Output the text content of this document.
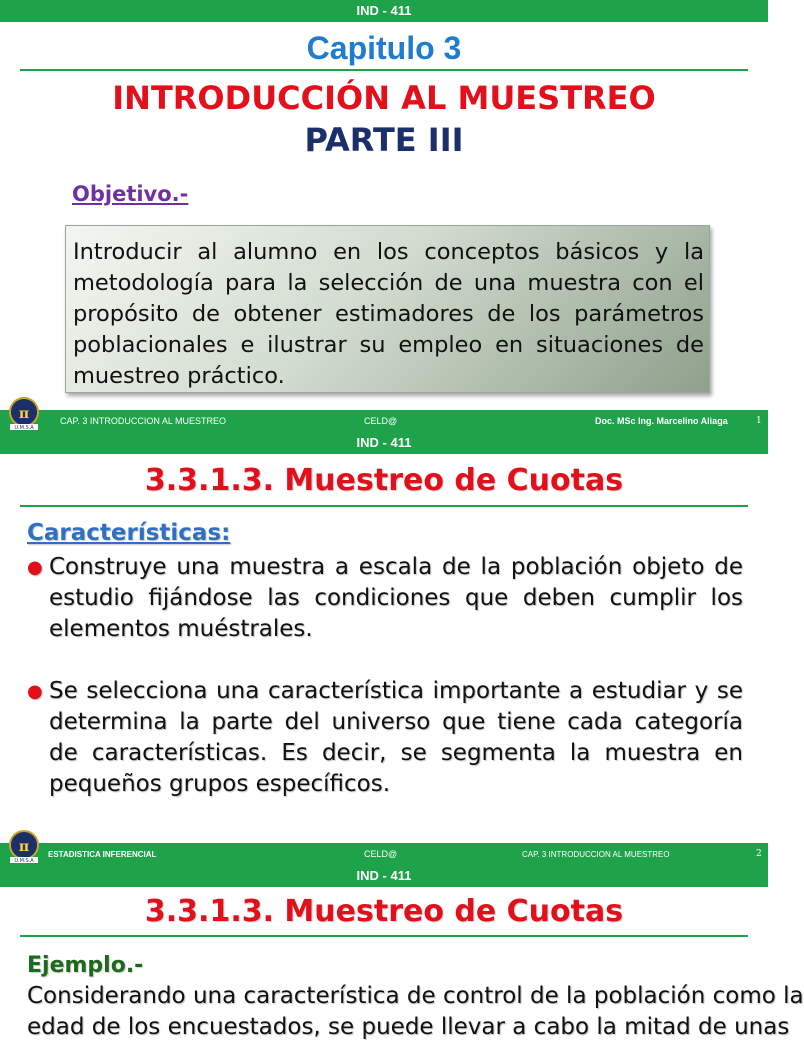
IND - 411
Capitulo 3
INTRODUCCIÓN AL MUESTREO
PARTE III
Objetivo.-
Introducir al alumno en los conceptos básicos y la metodología para la selección de una muestra con el propósito de obtener estimadores de los parámetros poblacionales e ilustrar su empleo en situaciones de muestreo práctico.
π
U.M.S.A
CAP. 3 INTRODUCCION AL MUESTREO	CELD@	Doc. MSc Ing. Marcelino Aliaga	1
IND - 411
3.3.1.3. Muestreo de Cuotas
Características:
● Construye una muestra a escala de la población objeto de estudio fijándose las condiciones que deben cumplir los elementos muéstrales.
● Se selecciona una característica importante a estudiar y se determina la parte del universo que tiene cada categoría de características. Es decir, se segmenta la muestra en pequeños grupos específicos.
π
U.M.S.A
ESTADISTICA INFERENCIAL	CELD@	CAP. 3 INTRODUCCION AL MUESTREO	2
IND - 411
3.3.1.3. Muestreo de Cuotas
Ejemplo.-
Considerando una característica de control de la población como la
edad de los encuestados, se puede llevar a cabo la mitad de unas
